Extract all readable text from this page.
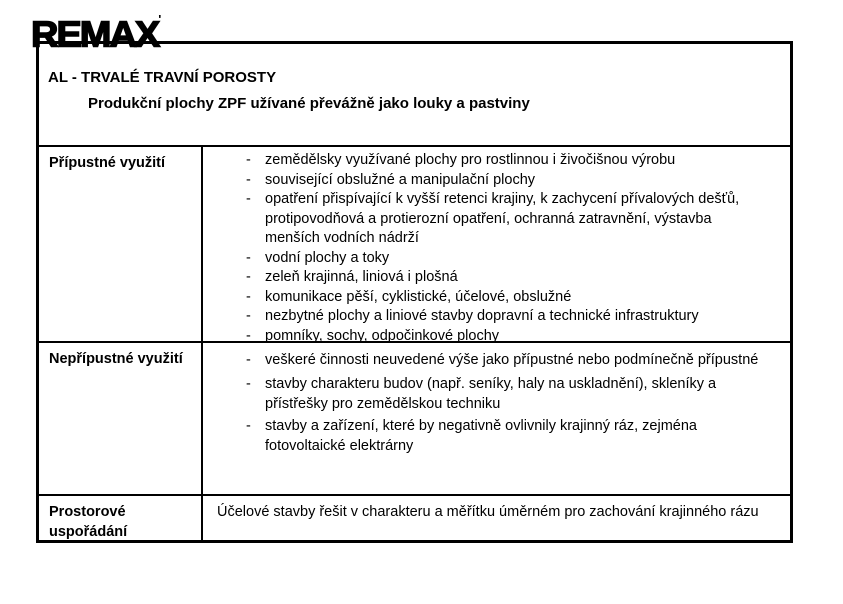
REMAX'
AL - TRVALÉ TRAVNÍ POROSTY
Produkční plochy ZPF užívané převážně jako louky a pastviny
Přípustné využití	- zemědělsky využívané plochy pro rostlinnou i živočišnou výrobu
- související obslužné a manipulační plochy
- opatření přispívající k vyšší retenci krajiny, k zachycení přívalových dešťů, protipovodňová a protierozní opatření, ochranná zatravnění, výstavba menších vodních nádrží
- vodní plochy a toky
- zeleň krajinná, liniová i plošná
- komunikace pěší, cyklistické, účelové, obslužné
- nezbytné plochy a liniové stavby dopravní a technické infrastruktury
- pomníky, sochy, odpočinkové plochy
Nepřípustné využití	- veškeré činnosti neuvedené výše jako přípustné nebo podmínečně přípustné
- stavby charakteru budov (např. seníky, haly na uskladnění), skleníky a přístřešky pro zemědělskou techniku
- stavby a zařízení, které by negativně ovlivnily krajinný ráz, zejména fotovoltaické elektrárny
Prostorové uspořádání

Účelové stavby řešit v charakteru a měřítku úměrném pro zachování krajinného rázu
